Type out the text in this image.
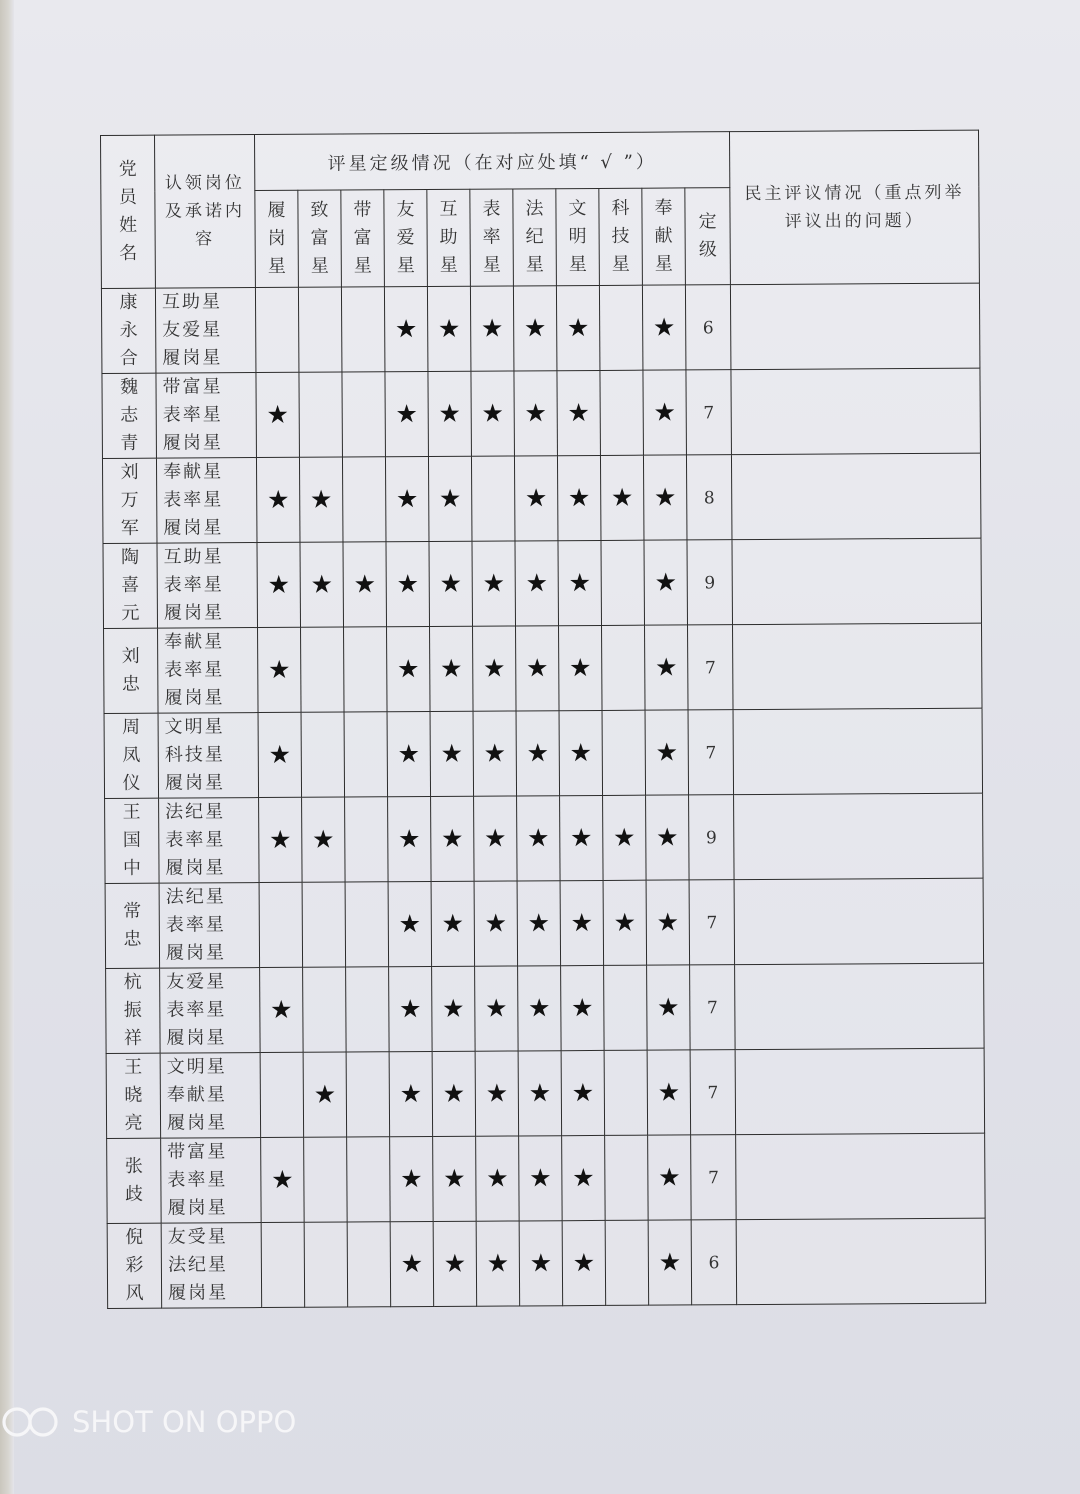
党员姓名	认领岗位及承诺内容	评星定级情况（在对应处填“ √ ”）											民主评议情况（重点列举评议出的问题）

		履岗星	致富星	带富星	友爱星	互助星	表率星	法纪星	文明星	科技星	奉献星	定级	
康永合	互助星
友爱星
履岗星				★	★	★	★	★		★	6	
魏志青	带富星
表率星
履岗星	★			★	★	★	★	★		★	7	
刘万军	奉献星
表率星
履岗星	★	★		★	★		★	★	★	★	8	
陶喜元	互助星
表率星
履岗星	★	★	★	★	★	★	★	★		★	9	
刘忠	奉献星
表率星
履岗星	★			★	★	★	★	★		★	7	
周凤仪	文明星
科技星
履岗星	★			★	★	★	★	★		★	7	
王国中	法纪星
表率星
履岗星	★	★		★	★	★	★	★	★	★	9	
常忠	法纪星
表率星
履岗星				★	★	★	★	★	★	★	7	
杭振祥	友爱星
表率星
履岗星	★			★	★	★	★	★		★	7	
王晓亮	文明星
奉献星
履岗星		★		★	★	★	★	★		★	7	
张歧	带富星
表率星
履岗星	★			★	★	★	★	★		★	7	
倪彩风	友受星
法纪星
履岗星				★	★	★	★	★		★	6	
SHOT ON OPPO
